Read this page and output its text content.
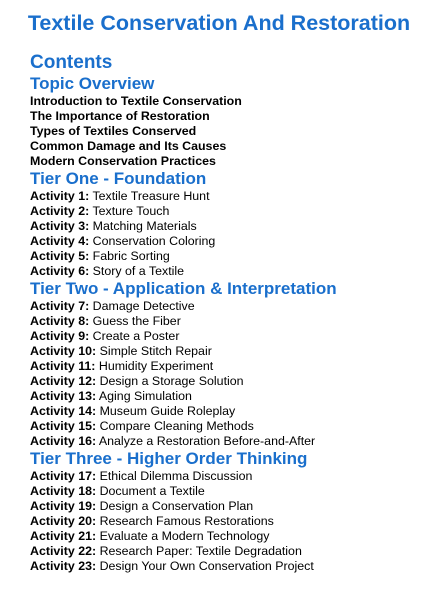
Textile Conservation And Restoration
Contents
Topic Overview
Introduction to Textile Conservation
The Importance of Restoration
Types of Textiles Conserved
Common Damage and Its Causes
Modern Conservation Practices
Tier One - Foundation
Activity 1: Textile Treasure Hunt
Activity 2: Texture Touch
Activity 3: Matching Materials
Activity 4: Conservation Coloring
Activity 5: Fabric Sorting
Activity 6: Story of a Textile
Tier Two - Application & Interpretation
Activity 7: Damage Detective
Activity 8: Guess the Fiber
Activity 9: Create a Poster
Activity 10: Simple Stitch Repair
Activity 11: Humidity Experiment
Activity 12: Design a Storage Solution
Activity 13: Aging Simulation
Activity 14: Museum Guide Roleplay
Activity 15: Compare Cleaning Methods
Activity 16: Analyze a Restoration Before-and-After
Tier Three - Higher Order Thinking
Activity 17: Ethical Dilemma Discussion
Activity 18: Document a Textile
Activity 19: Design a Conservation Plan
Activity 20: Research Famous Restorations
Activity 21: Evaluate a Modern Technology
Activity 22: Research Paper: Textile Degradation
Activity 23: Design Your Own Conservation Project
